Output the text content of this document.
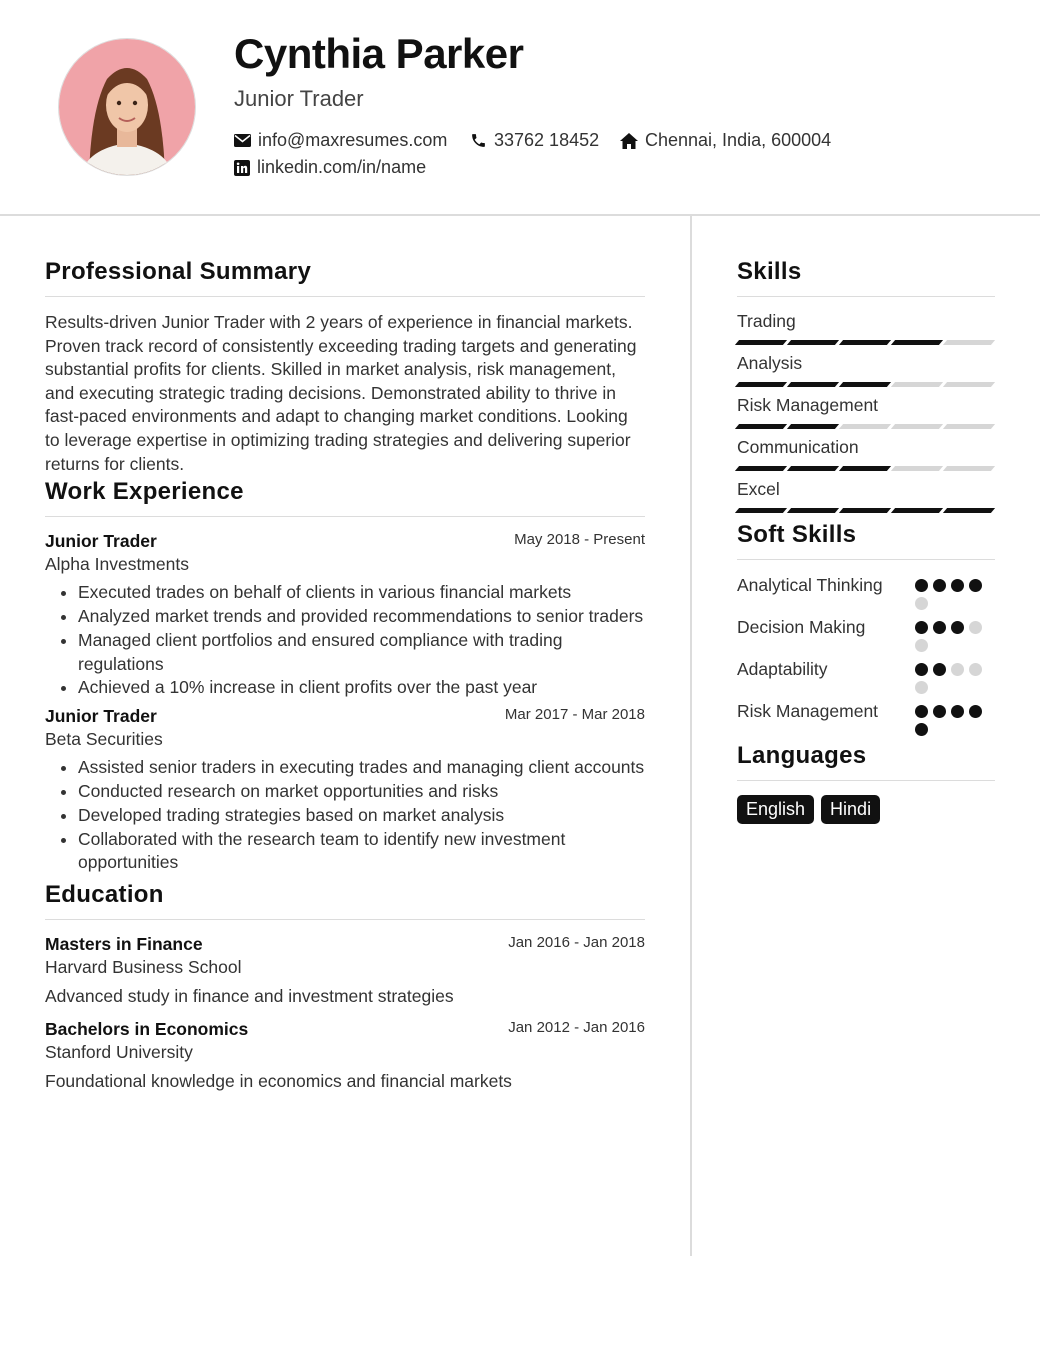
Cynthia Parker
Junior Trader
info@maxresumes.com	33762 18452	Chennai, India, 600004
linkedin.com/in/name
Professional Summary

Results-driven Junior Trader with 2 years of experience in financial markets. Proven track record of consistently exceeding trading targets and generating substantial profits for clients. Skilled in market analysis, risk management, and executing strategic trading decisions. Demonstrated ability to thrive in fast-paced environments and adapt to changing market conditions. Looking to leverage expertise in optimizing trading strategies and delivering superior returns for clients.

Work Experience
Junior Trader	May 2018 - Present
Alpha Investments
• Executed trades on behalf of clients in various financial markets
• Analyzed market trends and provided recommendations to senior traders
• Managed client portfolios and ensured compliance with trading regulations
• Achieved a 10% increase in client profits over the past year
Junior Trader	Mar 2017 - Mar 2018
Beta Securities
• Assisted senior traders in executing trades and managing client accounts
• Conducted research on market opportunities and risks
• Developed trading strategies based on market analysis
• Collaborated with the research team to identify new investment opportunities
Education
Masters in Finance	Jan 2016 - Jan 2018
Harvard Business School
Advanced study in finance and investment strategies
Bachelors in Economics	Jan 2012 - Jan 2016
Stanford University
Foundational knowledge in economics and financial markets
Skills
Trading
Analysis
Risk Management
Communication
Excel
Soft Skills
Analytical Thinking
Decision Making
Adaptability
Risk Management
Languages
English	Hindi
